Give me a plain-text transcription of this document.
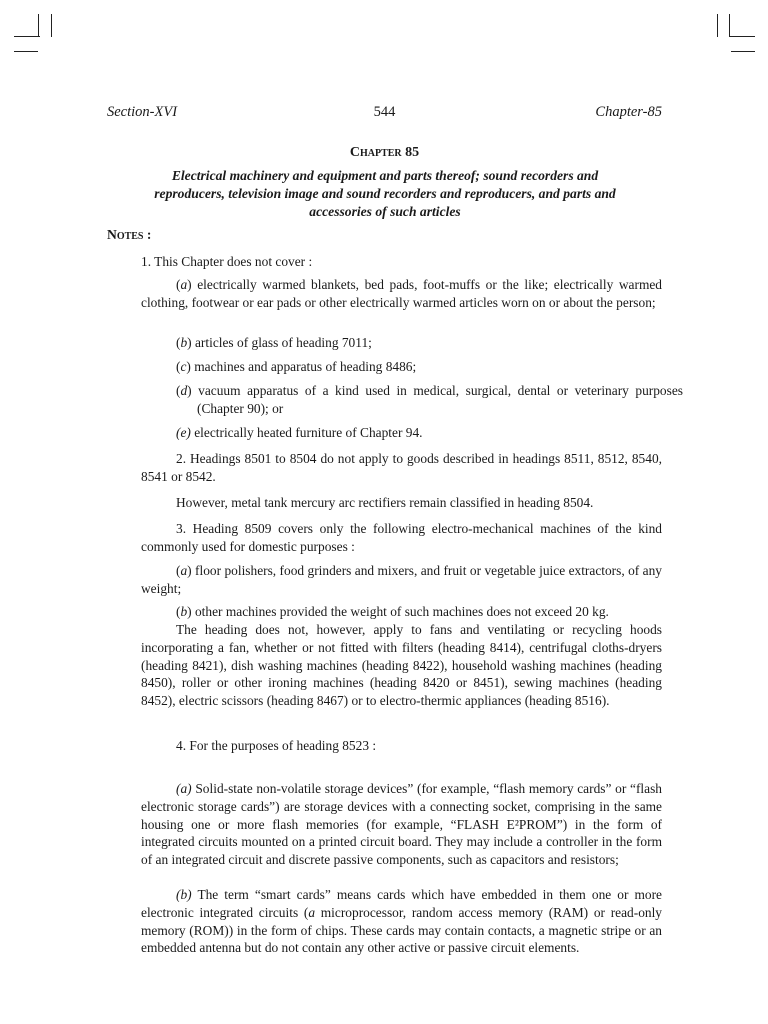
Section-XVI	544	Chapter-85
Chapter 85
Electrical machinery and equipment and parts thereof; sound recorders and reproducers, television image and sound recorders and reproducers, and parts and accessories of such articles
Notes :

1. This Chapter does not cover :

(a) electrically warmed blankets, bed pads, foot-muffs or the like; electrically warmed clothing, footwear or ear pads or other electrically warmed articles worn on or about the person;

(b) articles of glass of heading 7011;

(c) machines and apparatus of heading 8486;

(d) vacuum apparatus of a kind used in medical, surgical, dental or veterinary purposes (Chapter 90); or

(e) electrically heated furniture of Chapter 94.

2. Headings 8501 to 8504 do not apply to goods described in headings 8511, 8512, 8540, 8541 or 8542.

However, metal tank mercury arc rectifiers remain classified in heading 8504.

3. Heading 8509 covers only the following electro-mechanical machines of the kind commonly used for domestic purposes :

(a) floor polishers, food grinders and mixers, and fruit or vegetable juice extractors, of any weight;

(b) other machines provided the weight of such machines does not exceed 20 kg.

The heading does not, however, apply to fans and ventilating or recycling hoods incorporating a fan, whether or not fitted with filters (heading 8414), centrifugal cloths-dryers (heading 8421), dish washing machines (heading 8422), household washing machines (heading 8450), roller or other ironing machines (heading 8420 or 8451), sewing machines (heading 8452), electric scissors (heading 8467) or to electro-thermic appliances (heading 8516).

4. For the purposes of heading 8523 :

(a) Solid-state non-volatile storage devices” (for example, “flash memory cards” or “flash electronic storage cards”) are storage devices with a connecting socket, comprising in the same housing one or more flash memories (for example, “FLASH E²PROM”) in the form of integrated circuits mounted on a printed circuit board. They may include a controller in the form of an integrated circuit and discrete passive components, such as capacitors and resistors;

(b) The term “smart cards” means cards which have embedded in them one or more electronic integrated circuits (a microprocessor, random access memory (RAM) or read-only memory (ROM)) in the form of chips. These cards may contain contacts, a magnetic stripe or an embedded antenna but do not contain any other active or passive circuit elements.
